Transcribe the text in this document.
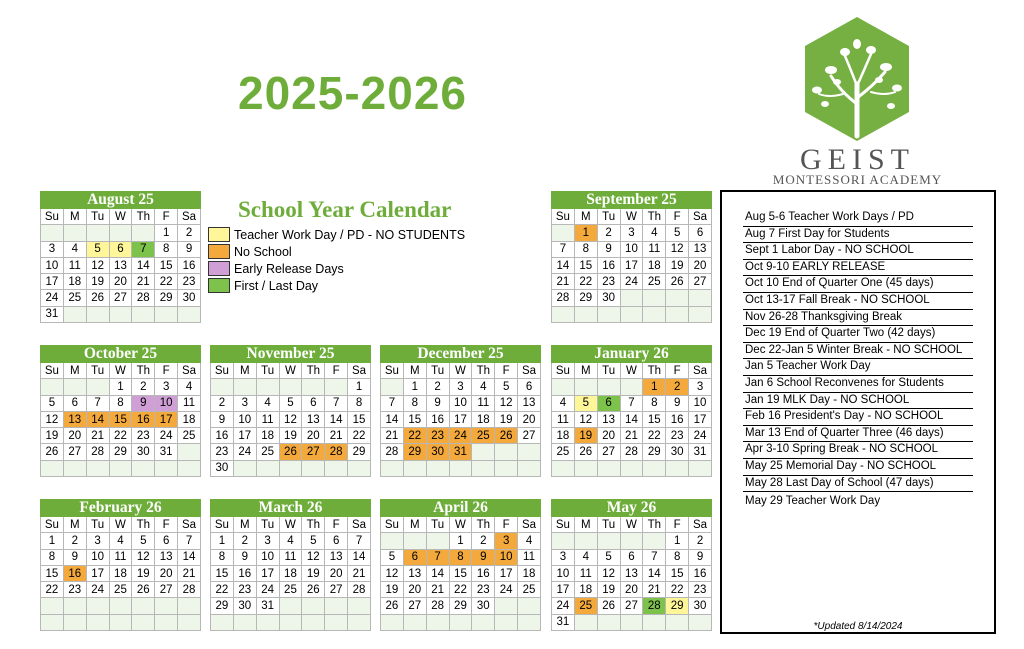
2025-2026
School Year Calendar
Teacher Work Day / PD - NO STUDENTS
No School
Early Release Days
First / Last Day
GEIST
MONTESSORI ACADEMY
August 25						
Su	M	Tu	W	Th	F	Sa
					1	2
3	4	5	6	7	8	9
10	11	12	13	14	15	16
17	18	19	20	21	22	23
24	25	26	27	28	29	30
31						
September 25						
Su	M	Tu	W	Th	F	Sa
	1	2	3	4	5	6
7	8	9	10	11	12	13
14	15	16	17	18	19	20
21	22	23	24	25	26	27
28	29	30				

October 25						
Su	M	Tu	W	Th	F	Sa
			1	2	3	4
5	6	7	8	9	10	11
12	13	14	15	16	17	18
19	20	21	22	23	24	25
26	27	28	29	30	31	

November 25						
Su	M	Tu	W	Th	F	Sa
						1
2	3	4	5	6	7	8
9	10	11	12	13	14	15
16	17	18	19	20	21	22
23	24	25	26	27	28	29
30						
December 25						
Su	M	Tu	W	Th	F	Sa
	1	2	3	4	5	6
7	8	9	10	11	12	13
14	15	16	17	18	19	20
21	22	23	24	25	26	27
28	29	30	31			

January 26						
Su	M	Tu	W	Th	F	Sa
				1	2	3
4	5	6	7	8	9	10
11	12	13	14	15	16	17
18	19	20	21	22	23	24
25	26	27	28	29	30	31

February 26						
Su	M	Tu	W	Th	F	Sa
1	2	3	4	5	6	7
8	9	10	11	12	13	14
15	16	17	18	19	20	21
22	23	24	25	26	27	28

March 26						
Su	M	Tu	W	Th	F	Sa
1	2	3	4	5	6	7
8	9	10	11	12	13	14
15	16	17	18	19	20	21
22	23	24	25	26	27	28
29	30	31				

April 26						
Su	M	Tu	W	Th	F	Sa
			1	2	3	4
5	6	7	8	9	10	11
12	13	14	15	16	17	18
19	20	21	22	23	24	25
26	27	28	29	30		

May 26						
Su	M	Tu	W	Th	F	Sa
					1	2
3	4	5	6	7	8	9
10	11	12	13	14	15	16
17	18	19	20	21	22	23
24	25	26	27	28	29	30
31						
Aug 5-6 Teacher Work Days / PD
Aug 7 First Day for Students
Sept 1 Labor Day - NO SCHOOL
Oct 9-10 EARLY RELEASE
Oct 10 End of Quarter One (45 days)
Oct 13-17 Fall Break - NO SCHOOL
Nov 26-28 Thanksgiving Break
Dec 19 End of Quarter Two (42 days)
Dec 22-Jan 5 Winter Break - NO SCHOOL
Jan 5 Teacher Work Day
Jan 6 School Reconvenes for Students
Jan 19 MLK Day - NO SCHOOL
Feb 16 President's Day - NO SCHOOL
Mar 13 End of Quarter Three (46 days)
Apr 3-10 Spring Break - NO SCHOOL
May 25 Memorial Day - NO SCHOOL
May 28 Last Day of School (47 days)
May 29 Teacher Work Day
*Updated 8/14/2024
